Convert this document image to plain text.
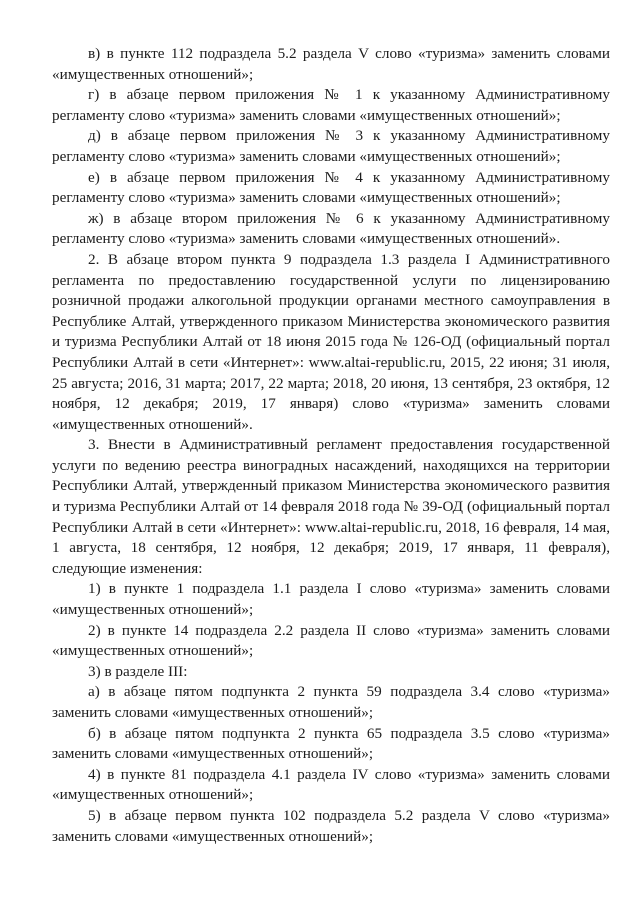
в) в пункте 112 подраздела 5.2 раздела V слово «туризма» заменить словами «имущественных отношений»;

г) в абзаце первом приложения № 1 к указанному Административному регламенту слово «туризма» заменить словами «имущественных отношений»;

д) в абзаце первом приложения № 3 к указанному Административному регламенту слово «туризма» заменить словами «имущественных отношений»;

е) в абзаце первом приложения № 4 к указанному Административному регламенту слово «туризма» заменить словами «имущественных отношений»;

ж) в абзаце втором приложения № 6 к указанному Административному регламенту слово «туризма» заменить словами «имущественных отношений».

2. В абзаце втором пункта 9 подраздела 1.3 раздела I Административного регламента по предоставлению государственной услуги по лицензированию розничной продажи алкогольной продукции органами местного самоуправления в Республике Алтай, утвержденного приказом Министерства экономического развития и туризма Республики Алтай от 18 июня 2015 года № 126-ОД (официальный портал Республики Алтай в сети «Интернет»: www.altai-republic.ru, 2015, 22 июня; 31 июля, 25 августа; 2016, 31 марта; 2017, 22 марта; 2018, 20 июня, 13 сентября, 23 октября, 12 ноября, 12 декабря; 2019, 17 января) слово «туризма» заменить словами «имущественных отношений».

3. Внести в Административный регламент предоставления государственной услуги по ведению реестра виноградных насаждений, находящихся на территории Республики Алтай, утвержденный приказом Министерства экономического развития и туризма Республики Алтай от 14 февраля 2018 года № 39-ОД (официальный портал Республики Алтай в сети «Интернет»: www.altai-republic.ru, 2018, 16 февраля, 14 мая, 1 августа, 18 сентября, 12 ноября, 12 декабря; 2019, 17 января, 11 февраля), следующие изменения:

1) в пункте 1 подраздела 1.1 раздела I слово «туризма» заменить словами «имущественных отношений»;

2) в пункте 14 подраздела 2.2 раздела II слово «туризма» заменить словами «имущественных отношений»;

3) в разделе III:

а) в абзаце пятом подпункта 2 пункта 59 подраздела 3.4 слово «туризма» заменить словами «имущественных отношений»;

б) в абзаце пятом подпункта 2 пункта 65 подраздела 3.5 слово «туризма» заменить словами «имущественных отношений»;

4) в пункте 81 подраздела 4.1 раздела IV слово «туризма» заменить словами «имущественных отношений»;

5) в абзаце первом пункта 102 подраздела 5.2 раздела V слово «туризма» заменить словами «имущественных отношений»;
